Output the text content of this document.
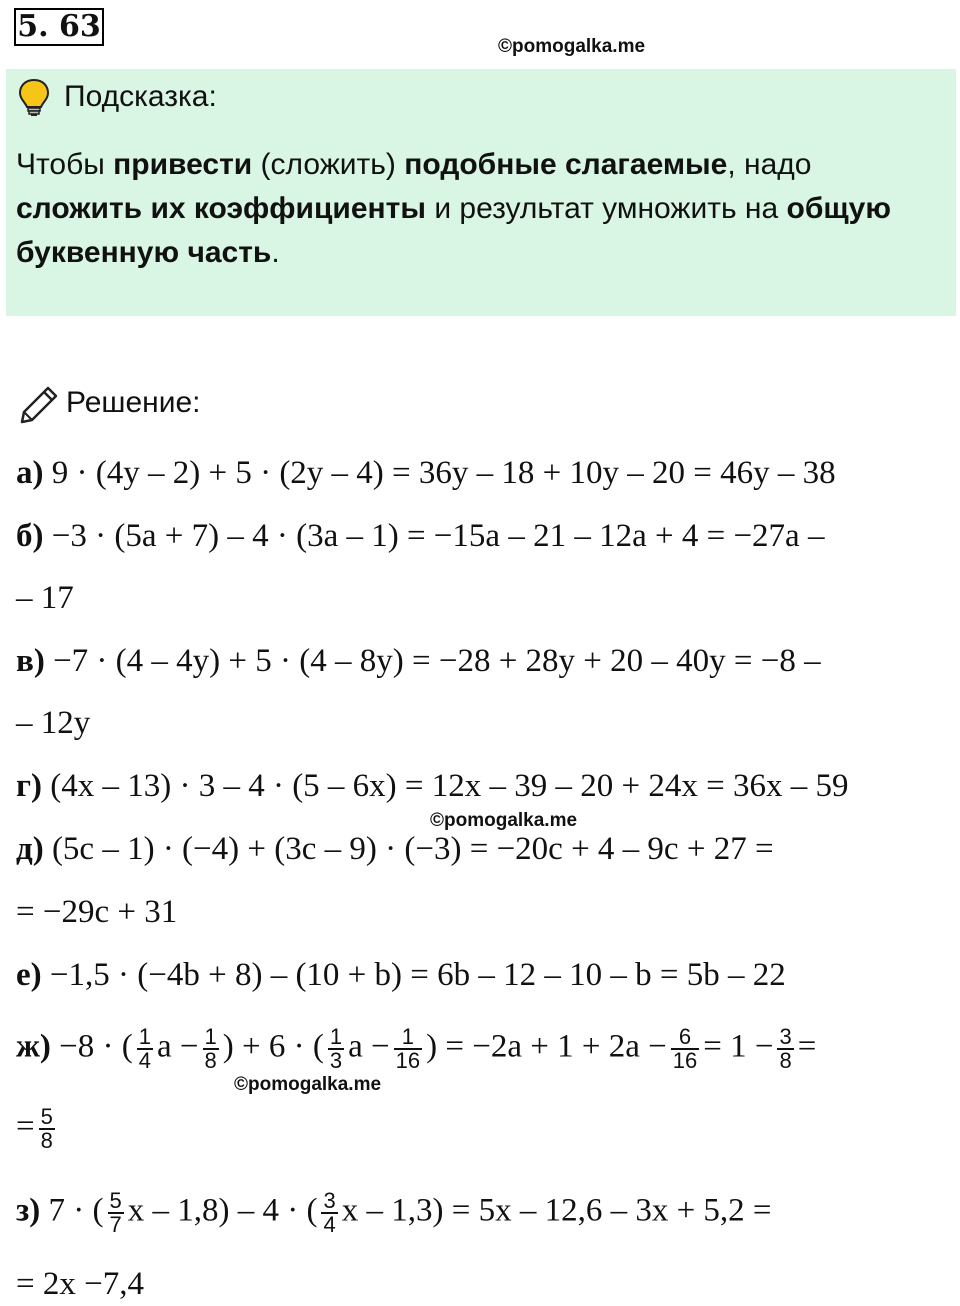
5. 63
©pomogalka.me
Подсказка:
Чтобы привести (сложить) подобные слагаемые, надо сложить их коэффициенты и результат умножить на общую буквенную часть.
Решение:
а) 9 · (4y – 2) + 5 · (2y – 4) = 36y – 18 + 10y – 20 = 46y – 38
б) −3 · (5a + 7) – 4 · (3a – 1) = −15a – 21 – 12a + 4 = −27a –
– 17
в) −7 · (4 – 4y) + 5 · (4 – 8y) = −28 + 28y + 20 – 40y = −8 –
– 12y
г) (4x – 13) · 3 – 4 · (5 – 6x) = 12x – 39 – 20 + 24x = 36x – 59
©pomogalka.me
д) (5c – 1) · (−4) + (3c – 9) · (−3) = −20c + 4 – 9c + 27 =
= −29c + 31
е) −1,5 · (−4b + 8) – (10 + b) = 6b – 12 – 10 – b = 5b – 22
ж) −8 · ( $\frac{1}{4}$ $a - \frac{1}{8}$ ) + 6 · ( $\frac{1}{3}$ $a - \frac{1}{16}$ ) = $-2a + 1 + 2a - \frac{6}{16} = 1 - \frac{3}{8}$ =
©pomogalka.me
= $\frac{5}{8}$
з) 7 · ( $\frac{5}{7}$ x – 1,8) – 4 · ( $\frac{3}{4}$ x – 1,3) = 5x – 12,6 – 3x + 5,2 =
= 2x −7,4
